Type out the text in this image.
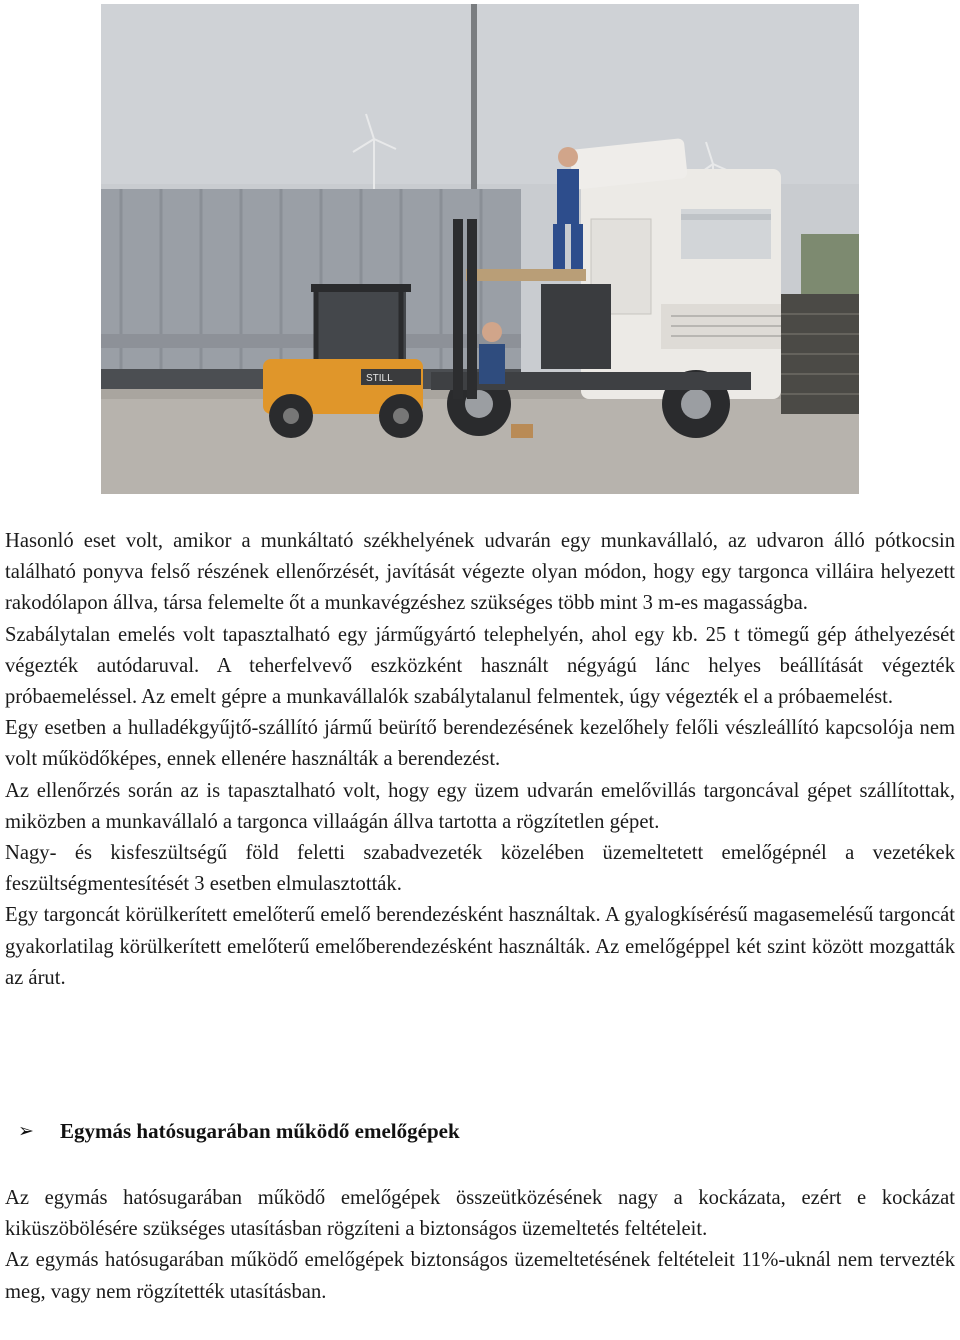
STILL

Hasonló eset volt, amikor a munkáltató székhelyének udvarán egy munkavállaló, az udvaron álló pótkocsin található ponyva felső részének ellenőrzését, javítását végezte olyan módon, hogy egy targonca villáira helyezett rakodólapon állva, társa felemelte őt a munkavégzéshez szükséges több mint 3 m-es magasságba.

Szabálytalan emelés volt tapasztalható egy járműgyártó telephelyén, ahol egy kb. 25 t tömegű gép áthelyezését végezték autódaruval. A teherfelvevő eszközként használt négyágú lánc helyes beállítását végezték próbaemeléssel. Az emelt gépre a munkavállalók szabálytalanul felmentek, úgy végezték el a próbaemelést.

Egy esetben a hulladékgyűjtő-szállító jármű beürítő berendezésének kezelőhely felőli vészleállító kapcsolója nem volt működőképes, ennek ellenére használták a berendezést.

Az ellenőrzés során az is tapasztalható volt, hogy egy üzem udvarán emelővillás targoncával gépet szállítottak, miközben a munkavállaló a targonca villaágán állva tartotta a rögzítetlen gépet.

Nagy- és kisfeszültségű föld feletti szabadvezeték közelében üzemeltetett emelőgépnél a vezetékek feszültségmentesítését 3 esetben elmulasztották.

Egy targoncát körülkerített emelőterű emelő berendezésként használtak. A gyalogkísérésű magasemelésű targoncát gyakorlatilag körülkerített emelőterű emelőberendezésként használták. Az emelőgéppel két szint között mozgatták az árut.

➢	Egymás hatósugarában működő emelőgépek

Az egymás hatósugarában működő emelőgépek összeütközésének nagy a kockázata, ezért e kockázat kiküszöbölésére szükséges utasításban rögzíteni a biztonságos üzemeltetés feltételeit.

Az egymás hatósugarában működő emelőgépek biztonságos üzemeltetésének feltételeit 11%-uknál nem tervezték meg, vagy nem rögzítették utasításban.
